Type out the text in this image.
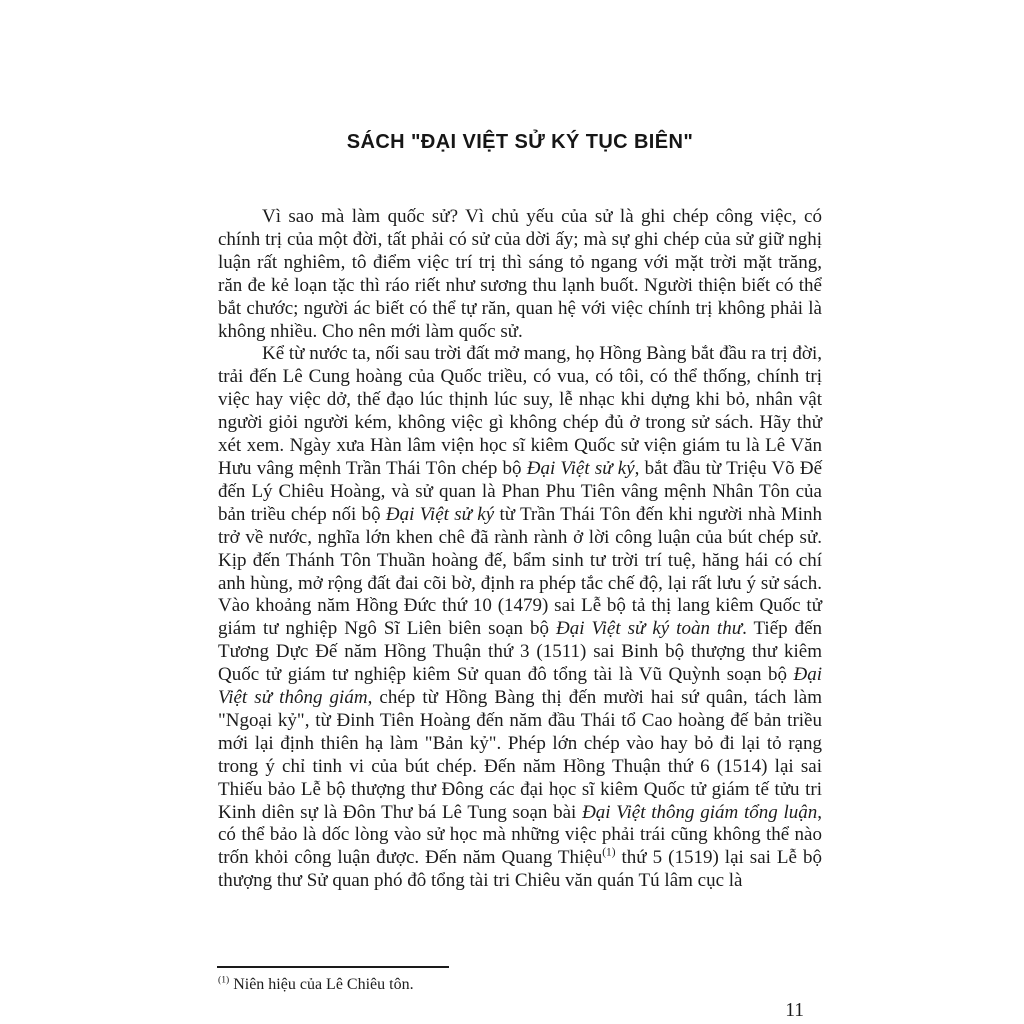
SÁCH "ĐẠI VIỆT SỬ KÝ TỤC BIÊN"

Vì sao mà làm quốc sử? Vì chủ yếu của sử là ghi chép công việc, có chính trị của một đời, tất phải có sử của dời ấy; mà sự ghi chép của sử giữ nghị luận rất nghiêm, tô điểm việc trí trị thì sáng tỏ ngang với mặt trời mặt trăng, răn đe kẻ loạn tặc thì ráo riết như sương thu lạnh buốt. Người thiện biết có thể bắt chước; người ác biết có thể tự răn, quan hệ với việc chính trị không phải là không nhiều. Cho nên mới làm quốc sử.

Kể từ nước ta, nối sau trời đất mở mang, họ Hồng Bàng bắt đầu ra trị đời, trải đến Lê Cung hoàng của Quốc triều, có vua, có tôi, có thể thống, chính trị việc hay việc dở, thế đạo lúc thịnh lúc suy, lễ nhạc khi dựng khi bỏ, nhân vật người giỏi người kém, không việc gì không chép đủ ở trong sử sách. Hãy thử xét xem. Ngày xưa Hàn lâm viện học sĩ kiêm Quốc sử viện giám tu là Lê Văn Hưu vâng mệnh Trần Thái Tôn chép bộ Đại Việt sử ký, bắt đầu từ Triệu Võ Đế đến Lý Chiêu Hoàng, và sử quan là Phan Phu Tiên vâng mệnh Nhân Tôn của bản triều chép nối bộ Đại Việt sử ký từ Trần Thái Tôn đến khi người nhà Minh trở về nước, nghĩa lớn khen chê đã rành rành ở lời công luận của bút chép sử. Kịp đến Thánh Tôn Thuần hoàng đế, bẩm sinh tư trời trí tuệ, hăng hái có chí anh hùng, mở rộng đất đai cõi bờ, định ra phép tắc chế độ, lại rất lưu ý sử sách. Vào khoảng năm Hồng Đức thứ 10 (1479) sai Lễ bộ tả thị lang kiêm Quốc tử giám tư nghiệp Ngô Sĩ Liên biên soạn bộ Đại Việt sử ký toàn thư. Tiếp đến Tương Dực Đế năm Hồng Thuận thứ 3 (1511) sai Binh bộ thượng thư kiêm Quốc tử giám tư nghiệp kiêm Sử quan đô tổng tài là Vũ Quỳnh soạn bộ Đại Việt sử thông giám, chép từ Hồng Bàng thị đến mười hai sứ quân, tách làm "Ngoại kỷ", từ Đinh Tiên Hoàng đến năm đầu Thái tổ Cao hoàng đế bản triều mới lại định thiên hạ làm "Bản kỷ". Phép lớn chép vào hay bỏ đi lại tỏ rạng trong ý chỉ tinh vi của bút chép. Đến năm Hồng Thuận thứ 6 (1514) lại sai Thiếu bảo Lễ bộ thượng thư Đông các đại học sĩ kiêm Quốc tử giám tế tửu tri Kinh diên sự là Đôn Thư bá Lê Tung soạn bài Đại Việt thông giám tổng luận, có thể bảo là dốc lòng vào sử học mà những việc phải trái cũng không thể nào trốn khỏi công luận được. Đến năm Quang Thiệu$^{(1)}$ thứ 5 (1519) lại sai Lễ bộ thượng thư Sử quan phó đô tổng tài tri Chiêu văn quán Tú lâm cục là

$^{(1)}$ Niên hiệu của Lê Chiêu tôn.
11
